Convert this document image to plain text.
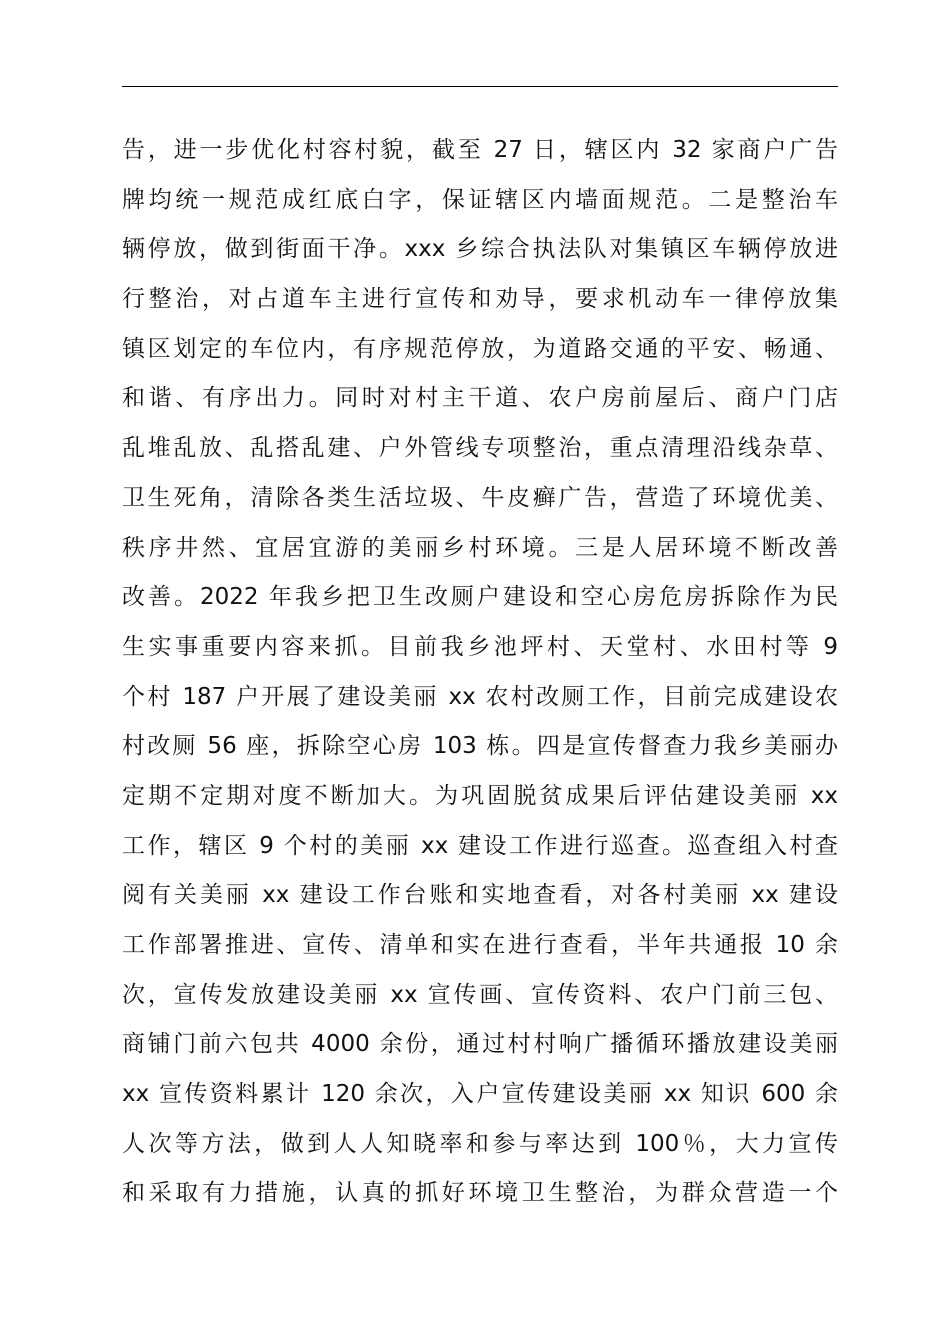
告，进一步优化村容村貌，截至 27 日，辖区内 32 家商户广告
牌均统一规范成红底白字，保证辖区内墙面规范。二是整治车
辆停放，做到街面干净。xxx 乡综合执法队对集镇区车辆停放进
行整治，对占道车主进行宣传和劝导，要求机动车一律停放集
镇区划定的车位内，有序规范停放，为道路交通的平安、畅通、
和谐、有序出力。同时对村主干道、农户房前屋后、商户门店
乱堆乱放、乱搭乱建、户外管线专项整治，重点清理沿线杂草、
卫生死角，清除各类生活垃圾、牛皮癣广告，营造了环境优美、
秩序井然、宜居宜游的美丽乡村环境。三是人居环境不断改善
改善。2022 年我乡把卫生改厕户建设和空心房危房拆除作为民
生实事重要内容来抓。目前我乡池坪村、天堂村、水田村等 9
个村 187 户开展了建设美丽 xx 农村改厕工作，目前完成建设农
村改厕 56 座，拆除空心房 103 栋。四是宣传督查力我乡美丽办
定期不定期对度不断加大。为巩固脱贫成果后评估建设美丽 xx
工作，辖区 9 个村的美丽 xx 建设工作进行巡查。巡查组入村查
阅有关美丽 xx 建设工作台账和实地查看，对各村美丽 xx 建设
工作部署推进、宣传、清单和实在进行查看，半年共通报 10 余
次，宣传发放建设美丽 xx 宣传画、宣传资料、农户门前三包、
商铺门前六包共 4000 余份，通过村村响广播循环播放建设美丽
xx 宣传资料累计 120 余次，入户宣传建设美丽 xx 知识 600 余
人次等方法，做到人人知晓率和参与率达到 100％，大力宣传
和采取有力措施，认真的抓好环境卫生整治，为群众营造一个
